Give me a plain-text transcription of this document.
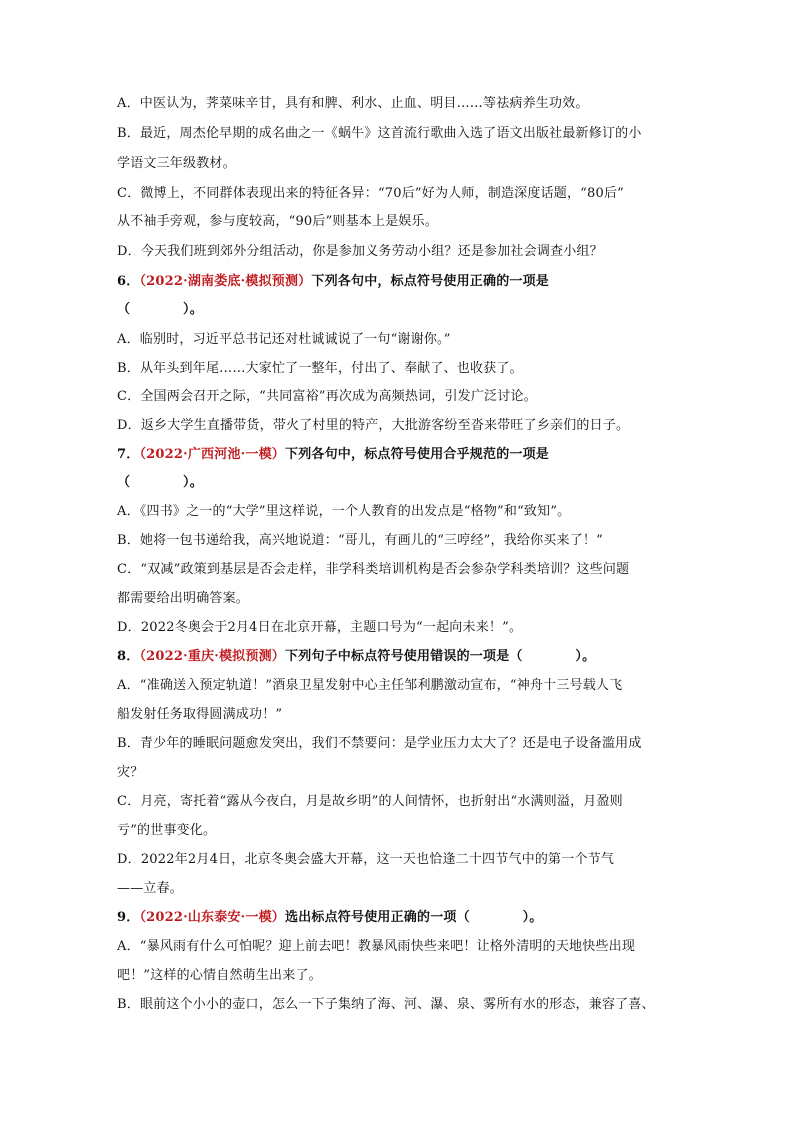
A．中医认为，荠菜味辛甘，具有和脾、利水、止血、明目……等祛病养生功效。
B．最近，周杰伦早期的成名曲之一《蜗牛》这首流行歌曲入选了语文出版社最新修订的小
学语文三年级教材。
C．微博上，不同群体表现出来的特征各异：“70后”好为人师，制造深度话题，“80后”
从不袖手旁观，参与度较高，“90后”则基本上是娱乐。
D．今天我们班到郊外分组活动，你是参加义务劳动小组？还是参加社会调查小组？
6．（2022·湖南娄底·模拟预测）下列各句中，标点符号使用正确的一项是
（　　　　）。
A．临别时，习近平总书记还对杜诚诚说了一句“谢谢你。”
B．从年头到年尾……大家忙了一整年，付出了、奉献了、也收获了。
C．全国两会召开之际，“共同富裕”再次成为高频热词，引发广泛讨论。
D．返乡大学生直播带货，带火了村里的特产，大批游客纷至沓来带旺了乡亲们的日子。
7．（2022·广西河池·一模）下列各句中，标点符号使用合乎规范的一项是
（　　　　）。
A．《四书》之一的“大学”里这样说，一个人教育的出发点是“格物”和“致知”。
B．她将一包书递给我，高兴地说道：“哥儿，有画儿的“三哼经”，我给你买来了！”
C．“双减”政策到基层是否会走样，非学科类培训机构是否会参杂学科类培训？这些问题
都需要给出明确答案。
D．2022冬奥会于2月4日在北京开幕，主题口号为“一起向未来！”。
8．（2022·重庆·模拟预测）下列句子中标点符号使用错误的一项是（　　　　）。
A．“准确送入预定轨道！”酒泉卫星发射中心主任邹利鹏激动宣布，“神舟十三号载人飞
船发射任务取得圆满成功！”
B．青少年的睡眠问题愈发突出，我们不禁要问：是学业压力太大了？还是电子设备滥用成
灾？
C．月亮，寄托着“露从今夜白，月是故乡明”的人间情怀，也折射出“水满则溢，月盈则
亏”的世事变化。
D．2022年2月4日，北京冬奥会盛大开幕，这一天也恰逢二十四节气中的第一个节气
——立春。
9．（2022·山东泰安·一模）选出标点符号使用正确的一项（　　　　）。
A．“暴风雨有什么可怕呢？迎上前去吧！教暴风雨快些来吧！让格外清明的天地快些出现
吧！”这样的心情自然萌生出来了。
B．眼前这个小小的壶口，怎么一下子集纳了海、河、瀑、泉、雾所有水的形态，兼容了喜、
